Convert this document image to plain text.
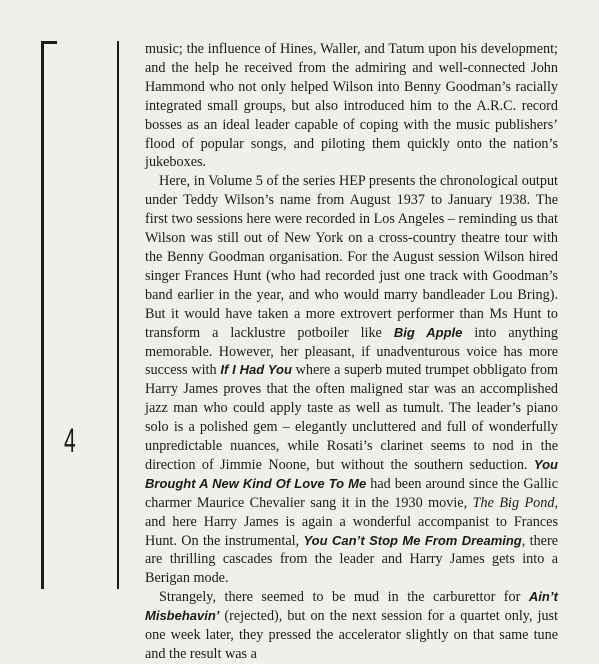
4

music; the influence of Hines, Waller, and Tatum upon his development; and the help he received from the admiring and well-connected John Hammond who not only helped Wilson into Benny Goodman’s racially integrated small groups, but also introduced him to the A.R.C. record bosses as an ideal leader capable of coping with the music publishers’ flood of popular songs, and piloting them quickly onto the nation’s jukeboxes.

Here, in Volume 5 of the series HEP presents the chronological output under Teddy Wilson’s name from August 1937 to January 1938. The first two sessions here were recorded in Los Angeles – reminding us that Wilson was still out of New York on a cross-country theatre tour with the Benny Goodman organisation. For the August session Wilson hired singer Frances Hunt (who had recorded just one track with Goodman’s band earlier in the year, and who would marry bandleader Lou Bring). But it would have taken a more extrovert performer than Ms Hunt to transform a lacklustre potboiler like Big Apple into anything memorable. However, her pleasant, if unadventurous voice has more success with If I Had You where a superb muted trumpet obbligato from Harry James proves that the often maligned star was an accomplished jazz man who could apply taste as well as tumult. The leader’s piano solo is a polished gem – elegantly uncluttered and full of wonderfully unpredictable nuances, while Rosati’s clarinet seems to nod in the direction of Jimmie Noone, but without the southern seduction. You Brought A New Kind Of Love To Me had been around since the Gallic charmer Maurice Chevalier sang it in the 1930 movie, The Big Pond, and here Harry James is again a wonderful accompanist to Frances Hunt. On the instrumental, You Can’t Stop Me From Dreaming, there are thrilling cascades from the leader and Harry James gets into a Berigan mode.

Strangely, there seemed to be mud in the carburettor for Ain’t Misbehavin’ (rejected), but on the next session for a quartet only, just one week later, they pressed the accelerator slightly on that same tune and the result was a
